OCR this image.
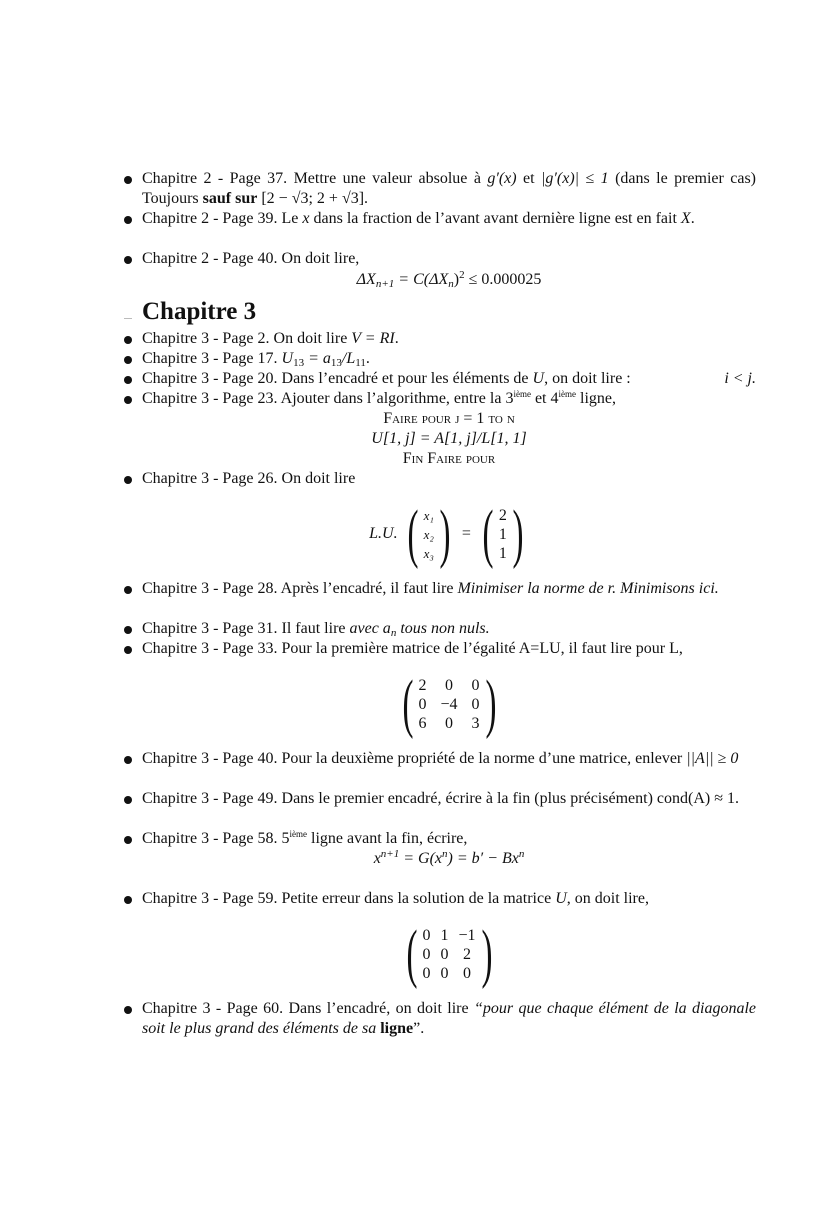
Chapitre 2 - Page 37. Mettre une valeur absolue à g′(x) et |g′(x)| ≤ 1 (dans le premier cas) Toujours sauf sur [2 − √3; 2 + √3].
Chapitre 2 - Page 39. Le x dans la fraction de l’avant avant dernière ligne est en fait X.
Chapitre 2 - Page 40. On doit lire,
$\Delta X_{n+1} = C(\Delta X_n)^2 \le 0.000025$
Chapitre 3
Chapitre 3 - Page 2. On doit lire V = RI.
Chapitre 3 - Page 17. $U_{13} = a_{13}/L_{11}$.
Chapitre 3 - Page 20. Dans l’encadré et pour les éléments de U, on doit lire :	i < j.
Chapitre 3 - Page 23. Ajouter dans l’algorithme, entre la 3ième et 4ième ligne,
Faire pour j = 1 to n
U[1, j] = A[1, j]/L[1, 1]
Fin Faire pour
Chapitre 3 - Page 26. On doit lire
L.U. ( x₁
x₂
x₃ ) = ( 2
1
1 )
Chapitre 3 - Page 28. Après l’encadré, il faut lire Minimiser la norme de r. Minimisons ici.
Chapitre 3 - Page 31. Il faut lire avec $a_n$ tous non nuls.
Chapitre 3 - Page 33. Pour la première matrice de l’égalité A=LU, il faut lire pour L,
( 2 0 0
0 −4 0
6 0 3 )
Chapitre 3 - Page 40. Pour la deuxième propriété de la norme d’une matrice, enlever ||A|| ≥ 0
Chapitre 3 - Page 49. Dans le premier encadré, écrire à la fin (plus précisément) cond(A) ≈ 1.
Chapitre 3 - Page 58. 5ième ligne avant la fin, écrire,
$x^{n+1} = G(x^n) = b' - Bx^n$
Chapitre 3 - Page 59. Petite erreur dans la solution de la matrice U, on doit lire,
( 0 1 −1
0 0 2
0 0 0 )
Chapitre 3 - Page 60. Dans l’encadré, on doit lire “pour que chaque élément de la diagonale soit le plus grand des éléments de sa ligne”.
